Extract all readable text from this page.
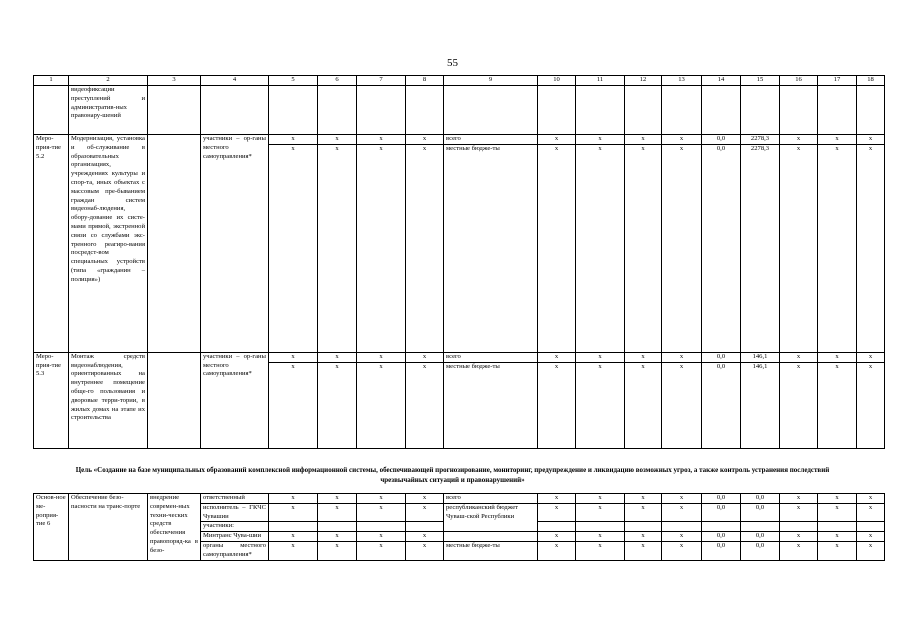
55
1	2	3	4	5	6	7	8	9	10	11	12	13	14	15	16	17	18
	видеофиксации преступлений и административ-ных правонару-шений																
Меро-прия-тие 5.2	Модернизация, установка и об-служивание в образовательных организациях, учреждениях культуры и спор-та, иных объектах с массовым пре-быванием граждан систем видеонаб-людения, обору-дование их систе-мами прямой, экстренной связи со службами экс-тренного реагиро-вания посредст-вом специальных устройств (типа «гражданин – полиция»)		участники – ор-ганы местного самоуправления*	x	x	x	x	всего	x	x	x	x	0,0	2278,3	x	x	x
				x	x	x	x	местные бюдже-ты	x	x	x	x	0,0	2278,3	x	x	x
Меро-прия-тие 5.3	Монтаж средств видеонаблюдения, ориентированных на внутреннее помещение обще-го пользования и дворовые терри-тории, в жилых домах на этапе их строительства		участники – ор-ганы местного самоуправления*	x	x	x	x	всего	x	x	x	x	0,0	146,1	x	x	x
				x	x	x	x	местные бюдже-ты	x	x	x	x	0,0	146,1	x	x	x
Цель «Создание на базе муниципальных образований комплексной информационной системы, обеспечивающей прогнозирование, мониторинг, предупреждение и ликвидацию возможных угроз, а также контроль устранения последствий чрезвычайных ситуаций и правонарушений»
Основ-ное ме-роприя-тие 6	Обеспечение безо-пасности на транс-порте	внедрение современ-ных техни-ческих средств обеспечения правопоряд-ка в безо-	ответственный	x	x	x	x	всего	x	x	x	x	0,0	0,0	x	x	x
			исполнитель – ГКЧС Чувашии	x	x	x	x	республиканский бюджет Чуваш-ской Республики	x	x	x	x	0,0	0,0	x	x	x
			участники:														
			Минтранс Чува-шии	x	x	x	x		x	x	x	x	0,0	0,0	x	x	x
			органы местного самоуправления*	x	x	x	x	местные бюдже-ты	x	x	x	x	0,0	0,0	x	x	x
